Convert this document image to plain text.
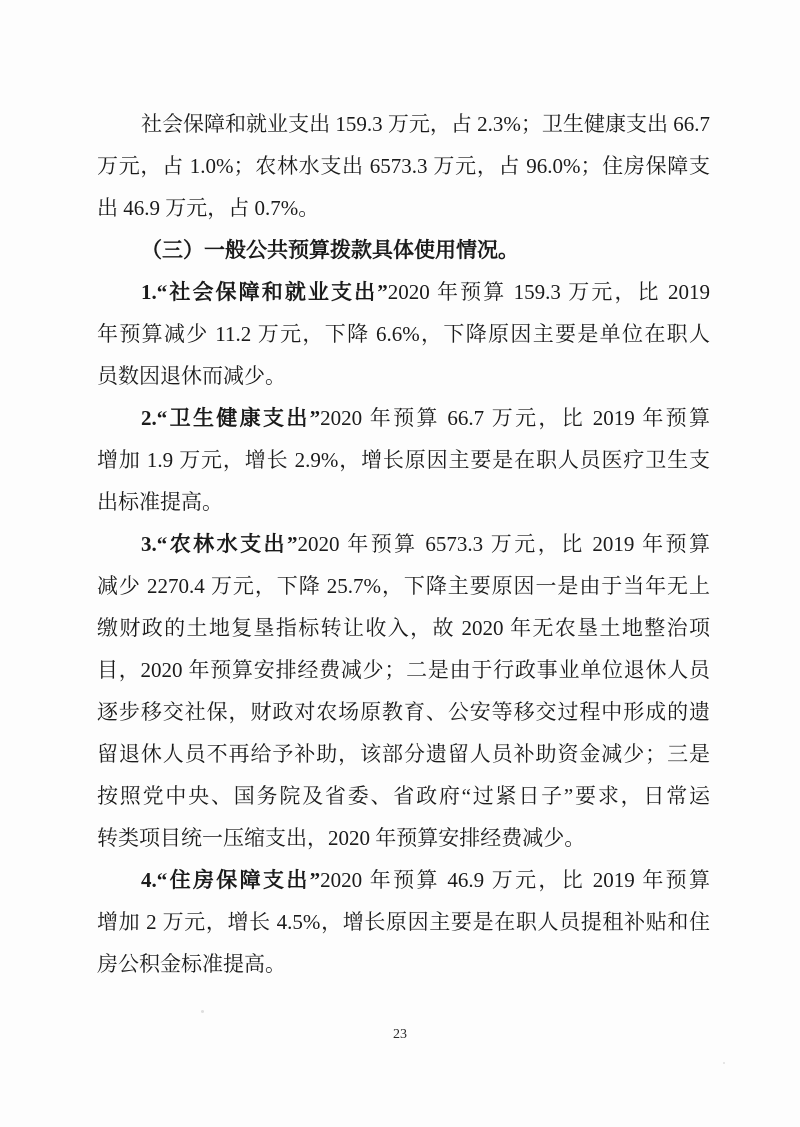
社会保障和就业支出 159.3 万元，占 2.3%；卫生健康支出 66.7
万元，占 1.0%；农林水支出 6573.3 万元，占 96.0%；住房保障支
出 46.9 万元，占 0.7%。
（三）一般公共预算拨款具体使用情况。
1.“社会保障和就业支出”2020 年预算 159.3 万元，比 2019
年预算减少 11.2 万元，下降 6.6%，下降原因主要是单位在职人
员数因退休而减少。
2.“卫生健康支出”2020 年预算 66.7 万元，比 2019 年预算
增加 1.9 万元，增长 2.9%，增长原因主要是在职人员医疗卫生支
出标准提高。
3.“农林水支出”2020 年预算 6573.3 万元，比 2019 年预算
减少 2270.4 万元，下降 25.7%，下降主要原因一是由于当年无上
缴财政的土地复垦指标转让收入，故 2020 年无农垦土地整治项
目，2020 年预算安排经费减少；二是由于行政事业单位退休人员
逐步移交社保，财政对农场原教育、公安等移交过程中形成的遗
留退休人员不再给予补助，该部分遗留人员补助资金减少；三是
按照党中央、国务院及省委、省政府“过紧日子”要求，日常运
转类项目统一压缩支出，2020 年预算安排经费减少。
4.“住房保障支出”2020 年预算 46.9 万元，比 2019 年预算
增加 2 万元，增长 4.5%，增长原因主要是在职人员提租补贴和住
房公积金标准提高。
23
